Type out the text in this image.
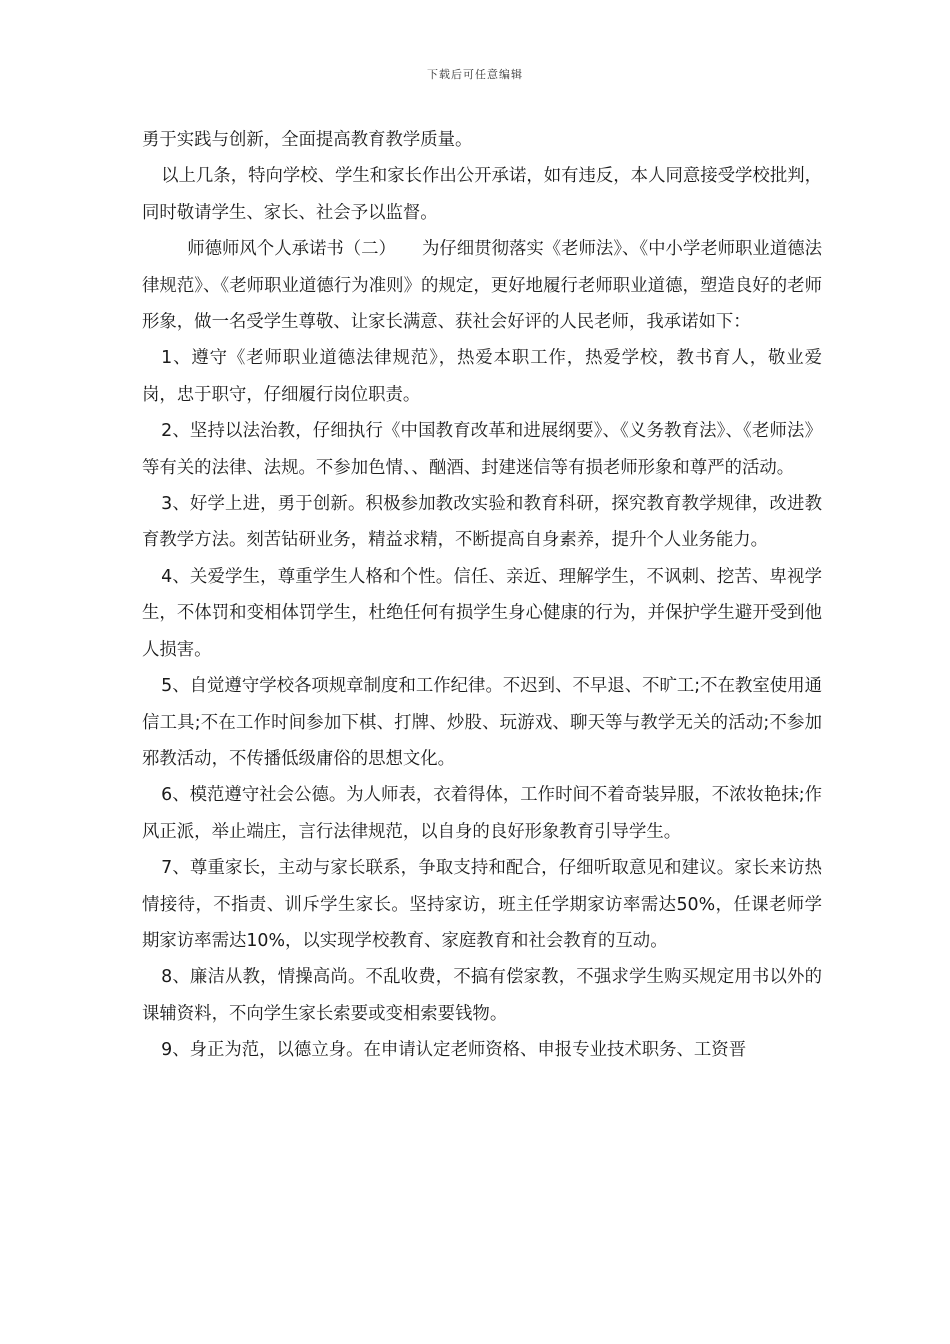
下载后可任意编辑

勇于实践与创新，全面提高教育教学质量。

以上几条，特向学校、学生和家长作出公开承诺，如有违反，本人同意接受学校批判，同时敬请学生、家长、社会予以监督。

师德师风个人承诺书（二）　　为仔细贯彻落实《老师法》、《中小学老师职业道德法律规范》、《老师职业道德行为准则》的规定，更好地履行老师职业道德，塑造良好的老师形象，做一名受学生尊敬、让家长满意、获社会好评的人民老师，我承诺如下：

1、遵守《老师职业道德法律规范》，热爱本职工作，热爱学校，教书育人，敬业爱岗，忠于职守，仔细履行岗位职责。

2、坚持以法治教，仔细执行《中国教育改革和进展纲要》、《义务教育法》、《老师法》等有关的法律、法规。不参加色情、、酗酒、封建迷信等有损老师形象和尊严的活动。

3、好学上进，勇于创新。积极参加教改实验和教育科研，探究教育教学规律，改进教育教学方法。刻苦钻研业务，精益求精，不断提高自身素养，提升个人业务能力。

4、关爱学生，尊重学生人格和个性。信任、亲近、理解学生，不讽刺、挖苦、卑视学生，不体罚和变相体罚学生，杜绝任何有损学生身心健康的行为，并保护学生避开受到他人损害。

5、自觉遵守学校各项规章制度和工作纪律。不迟到、不早退、不旷工;不在教室使用通信工具;不在工作时间参加下棋、打牌、炒股、玩游戏、聊天等与教学无关的活动;不参加邪教活动，不传播低级庸俗的思想文化。

6、模范遵守社会公德。为人师表，衣着得体，工作时间不着奇装异服，不浓妆艳抹;作风正派，举止端庄，言行法律规范，以自身的良好形象教育引导学生。

7、尊重家长，主动与家长联系，争取支持和配合，仔细听取意见和建议。家长来访热情接待，不指责、训斥学生家长。坚持家访，班主任学期家访率需达50%，任课老师学期家访率需达10%，以实现学校教育、家庭教育和社会教育的互动。

8、廉洁从教，情操高尚。不乱收费，不搞有偿家教，不强求学生购买规定用书以外的课辅资料，不向学生家长索要或变相索要钱物。

9、身正为范，以德立身。在申请认定老师资格、申报专业技术职务、工资晋
